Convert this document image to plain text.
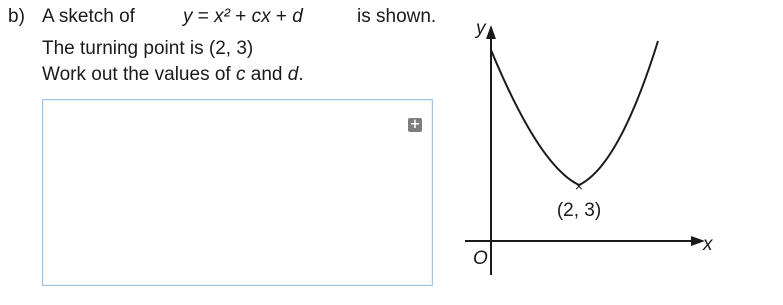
b) A sketch of	y = x² + cx + d	is shown.
The turning point is (2, 3)
Work out the values of c and d.
+
y
x
O
×
(2, 3)
